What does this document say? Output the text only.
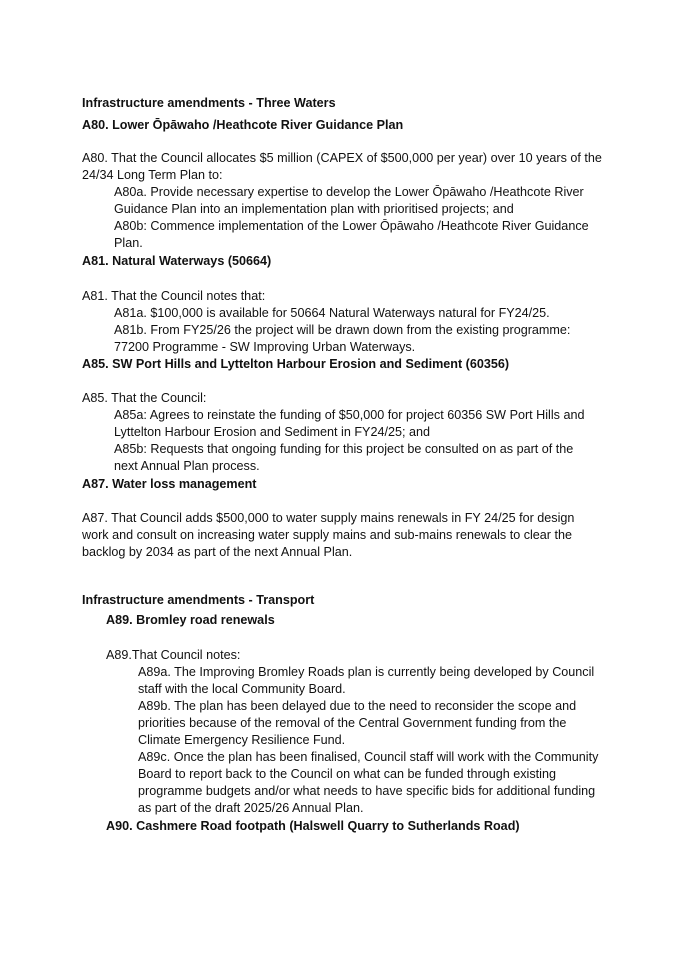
Infrastructure amendments - Three Waters
A80. Lower Ōpāwaho /Heathcote River Guidance Plan
A80. That the Council allocates $5 million (CAPEX of $500,000 per year) over 10 years of the
24/34 Long Term Plan to:
A80a. Provide necessary expertise to develop the Lower Ōpāwaho /Heathcote River
Guidance Plan into an implementation plan with prioritised projects; and
A80b: Commence implementation of the Lower Ōpāwaho /Heathcote River Guidance
Plan.
A81. Natural Waterways (50664)
A81. That the Council notes that:
A81a. $100,000 is available for 50664 Natural Waterways natural for FY24/25.
A81b. From FY25/26 the project will be drawn down from the existing programme:
77200 Programme - SW Improving Urban Waterways.
A85. SW Port Hills and Lyttelton Harbour Erosion and Sediment (60356)
A85. That the Council:
A85a: Agrees to reinstate the funding of $50,000 for project 60356 SW Port Hills and
Lyttelton Harbour Erosion and Sediment in FY24/25; and
A85b: Requests that ongoing funding for this project be consulted on as part of the
next Annual Plan process.
A87. Water loss management
A87. That Council adds $500,000 to water supply mains renewals in FY 24/25 for design
work and consult on increasing water supply mains and sub-mains renewals to clear the
backlog by 2034 as part of the next Annual Plan.
Infrastructure amendments - Transport
A89. Bromley road renewals
A89.That Council notes:
A89a. The Improving Bromley Roads plan is currently being developed by Council
staff with the local Community Board.
A89b. The plan has been delayed due to the need to reconsider the scope and
priorities because of the removal of the Central Government funding from the
Climate Emergency Resilience Fund.
A89c. Once the plan has been finalised, Council staff will work with the Community
Board to report back to the Council on what can be funded through existing
programme budgets and/or what needs to have specific bids for additional funding
as part of the draft 2025/26 Annual Plan.
A90. Cashmere Road footpath (Halswell Quarry to Sutherlands Road)
